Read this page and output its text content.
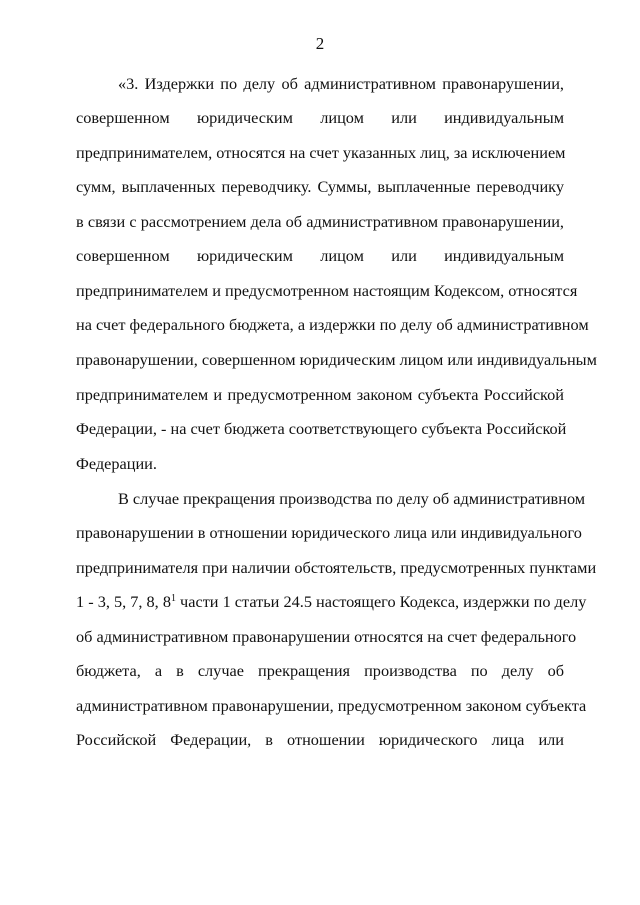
2
«3. Издержки по делу об административном правонарушении,
совершенном юридическим лицом или индивидуальным
предпринимателем, относятся на счет указанных лиц, за исключением
сумм, выплаченных переводчику. Суммы, выплаченные переводчику
в связи с рассмотрением дела об административном правонарушении,
совершенном юридическим лицом или индивидуальным
предпринимателем и предусмотренном настоящим Кодексом, относятся
на счет федерального бюджета, а издержки по делу об административном
правонарушении, совершенном юридическим лицом или индивидуальным
предпринимателем и предусмотренном законом субъекта Российской
Федерации, - на счет бюджета соответствующего субъекта Российской
Федерации.
В случае прекращения производства по делу об административном
правонарушении в отношении юридического лица или индивидуального
предпринимателя при наличии обстоятельств, предусмотренных пунктами
1 - 3, 5, 7, 8, $8^1$ части 1 статьи 24.5 настоящего Кодекса, издержки по делу
об административном правонарушении относятся на счет федерального
бюджета, а в случае прекращения производства по делу об
административном правонарушении, предусмотренном законом субъекта
Российской Федерации, в отношении юридического лица или
